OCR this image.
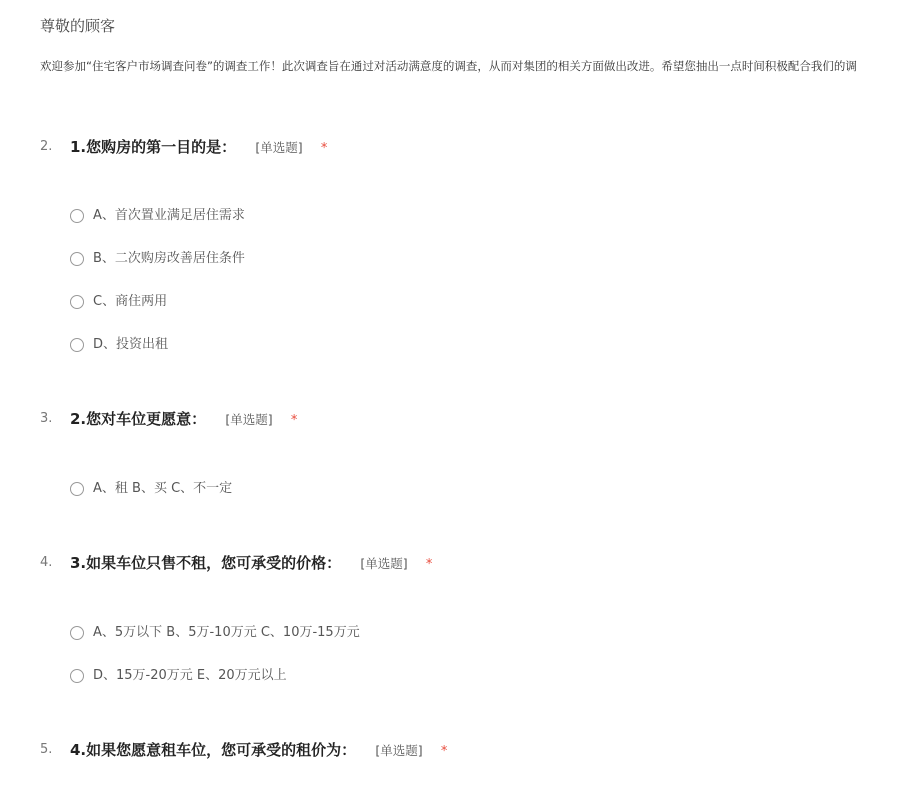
尊敬的顾客
欢迎参加“住宅客户市场调查问卷”的调查工作！此次调查旨在通过对活动满意度的调查，从而对集团的相关方面做出改进。希望您抽出一点时间积极配合我们的调
2. 1.您购房的第一目的是： [单选题] *
A、首次置业满足居住需求
B、二次购房改善居住条件
C、商住两用
D、投资出租
3. 2.您对车位更愿意： [单选题] *
A、租 B、买 C、不一定
4. 3.如果车位只售不租，您可承受的价格： [单选题] *
A、5万以下 B、5万-10万元 C、10万-15万元
D、15万-20万元 E、20万元以上
5. 4.如果您愿意租车位，您可承受的租价为： [单选题] *
